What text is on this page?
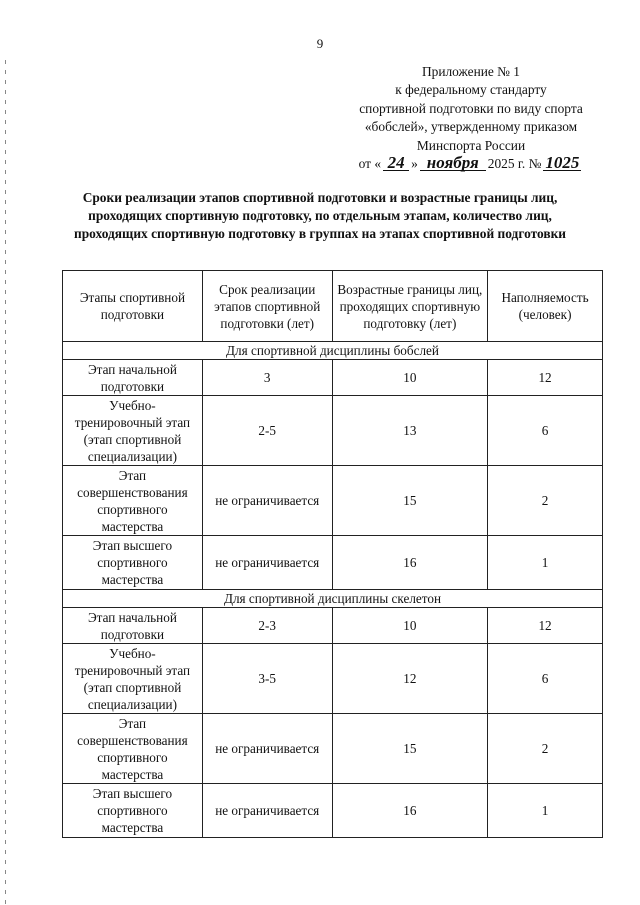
9
Приложение № 1
к федеральному стандарту
спортивной подготовки по виду спорта
«бобслей», утвержденному приказом
Минспорта России
от « 24 » ноября 2025 г. № 1025
Сроки реализации этапов спортивной подготовки и возрастные границы лиц, проходящих спортивную подготовку, по отдельным этапам, количество лиц, проходящих спортивную подготовку в группах на этапах спортивной подготовки
Этапы спортивной подготовки	Срок реализации этапов спортивной подготовки (лет)	Возрастные границы лиц, проходящих спортивную подготовку (лет)	Наполняемость (человек)
Для спортивной дисциплины бобслей			
Этап начальной подготовки	3	10	12
Учебно-тренировочный этап (этап спортивной специализации)	2-5	13	6
Этап совершенствования спортивного мастерства	не ограничивается	15	2
Этап высшего спортивного мастерства	не ограничивается	16	1
Для спортивной дисциплины скелетон			
Этап начальной подготовки	2-3	10	12
Учебно-тренировочный этап (этап спортивной специализации)	3-5	12	6
Этап совершенствования спортивного мастерства	не ограничивается	15	2
Этап высшего спортивного мастерства	не ограничивается	16	1
